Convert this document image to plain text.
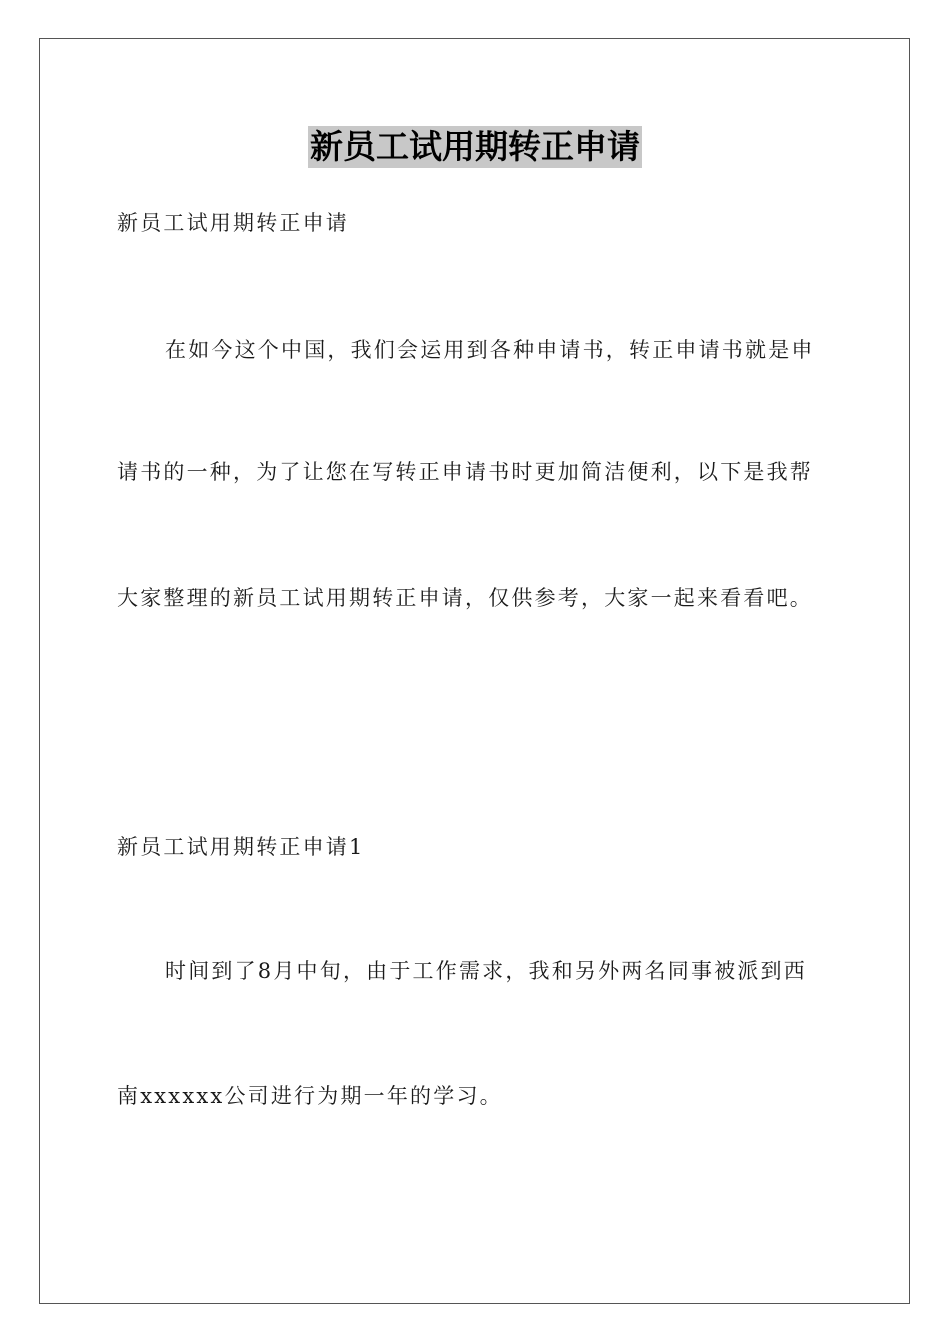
新员工试用期转正申请
新员工试用期转正申请
在如今这个中国，我们会运用到各种申请书，转正申请书就是申
请书的一种，为了让您在写转正申请书时更加简洁便利，以下是我帮
大家整理的新员工试用期转正申请，仅供参考，大家一起来看看吧。
新员工试用期转正申请1
时间到了8月中旬，由于工作需求，我和另外两名同事被派到西
南xxxxxx公司进行为期一年的学习。
